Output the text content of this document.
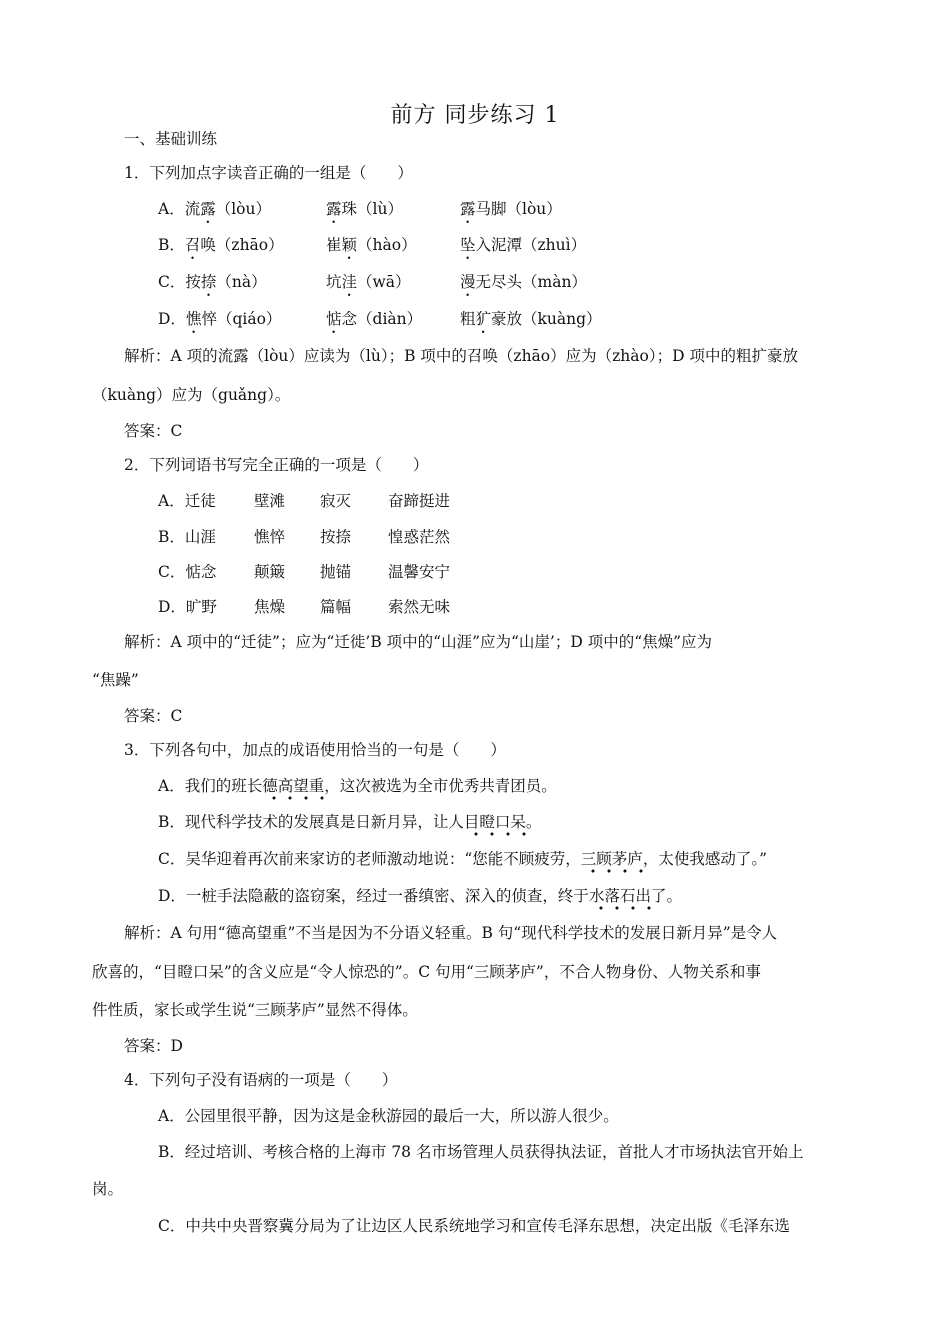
前方 同步练习 1
一、基础训练
1．下列加点字读音正确的一组是（　　）
A．流露（lòu）	露珠（lù）	露马脚（lòu）
B．召唤（zhāo）	崔颖（hào）	坠入泥潭（zhuì）
C．按捺（nà）	坑洼（wā）	漫无尽头（màn）
D．憔悴（qiáo）	惦念（diàn） 粗犷豪放（kuàng）
解析：A 项的流露（lòu）应读为（lù）；B 项中的召唤（zhāo）应为（zhào）；D 项中的粗扩豪放
（kuàng）应为（guǎng）。
答案：C
2．下列词语书写完全正确的一项是（　　）
A．迁徒 壁滩 寂灭 奋蹄挺进
B．山涯 憔悴 按捺 惶惑茫然
C．惦念 颠簸 抛锚 温馨安宁
D．旷野 焦燥 篇幅 索然无味
解析：A 项中的“迁徒”；应为“迁徙’B 项中的“山涯”应为“山崖’；D 项中的“焦燥”应为
“焦躁”
答案：C
3．下列各句中，加点的成语使用恰当的一句是（　　）
A．我们的班长德高望重，这次被选为全市优秀共青团员。
B．现代科学技术的发展真是日新月异，让人目瞪口呆。
C．吴华迎着再次前来家访的老师激动地说：“您能不顾疲劳，三顾茅庐，太使我感动了。”
D．一桩手法隐蔽的盗窃案，经过一番缜密、深入的侦查，终于水落石出了。
解析：A 句用“德高望重”不当是因为不分语义轻重。B 句“现代科学技术的发展日新月异”是令人
欣喜的，“目瞪口呆”的含义应是“令人惊恐的”。C 句用“三顾茅庐”，不合人物身份、人物关系和事
件性质，家长或学生说“三顾茅庐”显然不得体。
答案：D
4．下列句子没有语病的一项是（　　）
A．公园里很平静，因为这是金秋游园的最后一大，所以游人很少。
B．经过培训、考核合格的上海市 78 名市场管理人员获得执法证，首批人才市场执法官开始上
岗。
C．中共中央晋察冀分局为了让边区人民系统地学习和宣传毛泽东思想，决定出版《毛泽东选
